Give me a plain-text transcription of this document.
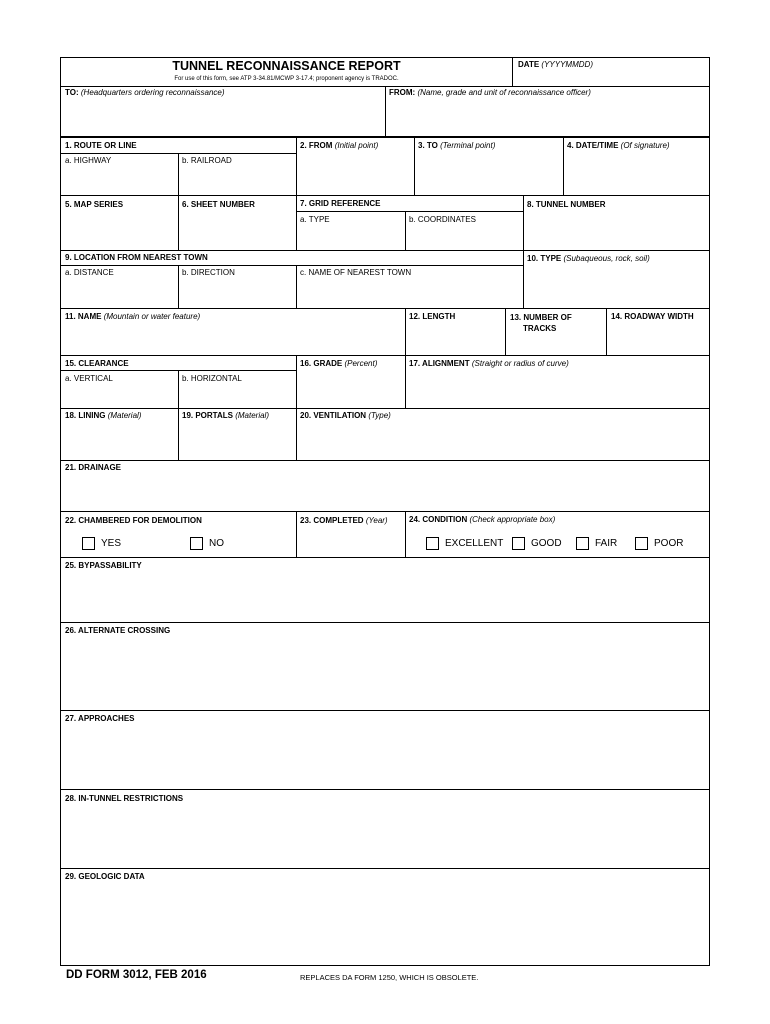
TUNNEL RECONNAISSANCE REPORT
For use of this form, see ATP 3-34.81/MCWP 3-17.4; proponent agency is TRADOC.
DATE (YYYYMMDD)
TO: (Headquarters ordering reconnaissance)	FROM: (Name, grade and unit of reconnaissance officer)
1. ROUTE OR LINE
a. HIGHWAY	b. RAILROAD
2. FROM (Initial point)	3. TO (Terminal point)	4. DATE/TIME (Of signature)
5. MAP SERIES	6. SHEET NUMBER	7. GRID REFERENCE
a. TYPE	b. COORDINATES
8. TUNNEL NUMBER
9. LOCATION FROM NEAREST TOWN
a. DISTANCE	b. DIRECTION	c. NAME OF NEAREST TOWN
10. TYPE (Subaqueous, rock, soil)
11. NAME (Mountain or water feature)	12. LENGTH	13. NUMBER OF
TRACKS
14. ROADWAY WIDTH
15. CLEARANCE
a. VERTICAL	b. HORIZONTAL
16. GRADE (Percent)	17. ALIGNMENT (Straight or radius of curve)
18. LINING (Material)	19. PORTALS (Material)	20. VENTILATION (Type)
21. DRAINAGE
22. CHAMBERED FOR DEMOLITION
YES	NO
23. COMPLETED (Year)	24. CONDITION (Check appropriate box)
EXCELLENT	GOOD	FAIR	POOR
25. BYPASSABILITY
26. ALTERNATE CROSSING
27. APPROACHES
28. IN-TUNNEL RESTRICTIONS
29. GEOLOGIC DATA
DD FORM 3012, FEB 2016	REPLACES DA FORM 1250, WHICH IS OBSOLETE.
